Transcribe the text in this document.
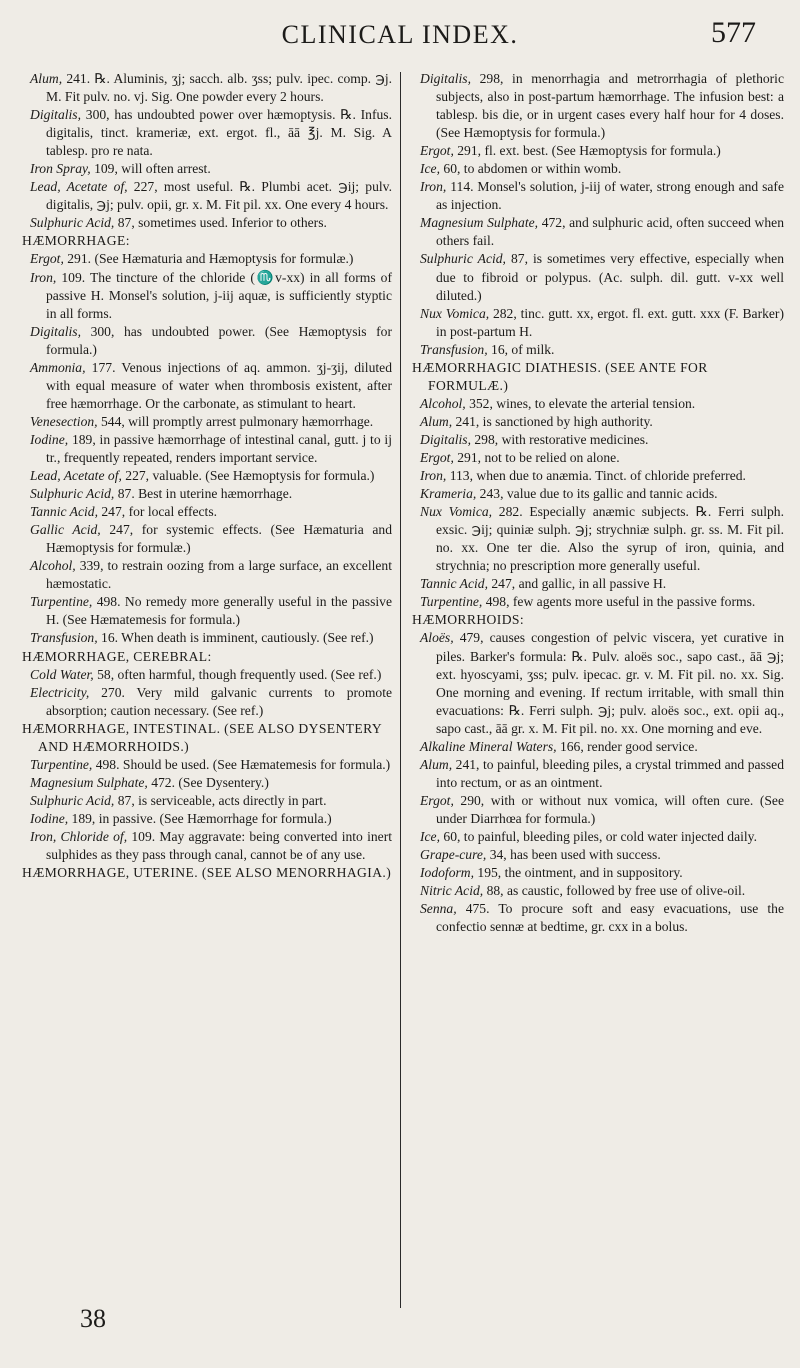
CLINICAL INDEX.	577

Alum, 241. ℞. Aluminis, ʒj; sacch. alb. ʒss; pulv. ipec. comp. ℈j. M. Fit pulv. no. vj. Sig. One powder every 2 hours.

Digitalis, 300, has undoubted power over hæmoptysis. ℞. Infus. digitalis, tinct. krameriæ, ext. ergot. fl., āā ℥j. M. Sig. A tablesp. pro re nata.

Iron Spray, 109, will often arrest.

Lead, Acetate of, 227, most useful. ℞. Plumbi acet. ℈ij; pulv. digitalis, ℈j; pulv. opii, gr. x. M. Fit pil. xx. One every 4 hours.

Sulphuric Acid, 87, sometimes used. Inferior to others.

HÆMORRHAGE:

Ergot, 291. (See Hæmaturia and Hæmoptysis for formulæ.)

Iron, 109. The tincture of the chloride (♏v-xx) in all forms of passive H. Monsel's solution, j-iij aquæ, is sufficiently styptic in all forms.

Digitalis, 300, has undoubted power. (See Hæmoptysis for formula.)

Ammonia, 177. Venous injections of aq. ammon. ʒj-ʒij, diluted with equal measure of water when thrombosis existent, after free hæmorrhage. Or the carbonate, as stimulant to heart.

Venesection, 544, will promptly arrest pulmonary hæmorrhage.

Iodine, 189, in passive hæmorrhage of intestinal canal, gutt. j to ij tr., frequently repeated, renders important service.

Lead, Acetate of, 227, valuable. (See Hæmoptysis for formula.)

Sulphuric Acid, 87. Best in uterine hæmorrhage.

Tannic Acid, 247, for local effects.

Gallic Acid, 247, for systemic effects. (See Hæmaturia and Hæmoptysis for formulæ.)

Alcohol, 339, to restrain oozing from a large surface, an excellent hæmostatic.

Turpentine, 498. No remedy more generally useful in the passive H. (See Hæmatemesis for formula.)

Transfusion, 16. When death is imminent, cautiously. (See ref.)

HÆMORRHAGE, CEREBRAL:

Cold Water, 58, often harmful, though frequently used. (See ref.)

Electricity, 270. Very mild galvanic currents to promote absorption; caution necessary. (See ref.)

HÆMORRHAGE, INTESTINAL. (SEE ALSO DYSENTERY AND HÆMORRHOIDS.)

Turpentine, 498. Should be used. (See Hæmatemesis for formula.)

Magnesium Sulphate, 472. (See Dysentery.)

Sulphuric Acid, 87, is serviceable, acts directly in part.

Iodine, 189, in passive. (See Hæmorrhage for formula.)

Iron, Chloride of, 109. May aggravate: being converted into inert sulphides as they pass through canal, cannot be of any use.

HÆMORRHAGE, UTERINE. (SEE ALSO MENORRHAGIA.)

Digitalis, 298, in menorrhagia and metrorrhagia of plethoric subjects, also in post-partum hæmorrhage. The infusion best: a tablesp. bis die, or in urgent cases every half hour for 4 doses. (See Hæmoptysis for formula.)

Ergot, 291, fl. ext. best. (See Hæmoptysis for formula.)

Ice, 60, to abdomen or within womb.

Iron, 114. Monsel's solution, j-iij of water, strong enough and safe as injection.

Magnesium Sulphate, 472, and sulphuric acid, often succeed when others fail.

Sulphuric Acid, 87, is sometimes very effective, especially when due to fibroid or polypus. (Ac. sulph. dil. gutt. v-xx well diluted.)

Nux Vomica, 282, tinc. gutt. xx, ergot. fl. ext. gutt. xxx (F. Barker) in post-partum H.

Transfusion, 16, of milk.

HÆMORRHAGIC DIATHESIS. (SEE ANTE FOR FORMULÆ.)

Alcohol, 352, wines, to elevate the arterial tension.

Alum, 241, is sanctioned by high authority.

Digitalis, 298, with restorative medicines.

Ergot, 291, not to be relied on alone.

Iron, 113, when due to anæmia. Tinct. of chloride preferred.

Krameria, 243, value due to its gallic and tannic acids.

Nux Vomica, 282. Especially anæmic subjects. ℞. Ferri sulph. exsic. ℈ij; quiniæ sulph. ℈j; strychniæ sulph. gr. ss. M. Fit pil. no. xx. One ter die. Also the syrup of iron, quinia, and strychnia; no prescription more generally useful.

Tannic Acid, 247, and gallic, in all passive H.

Turpentine, 498, few agents more useful in the passive forms.

HÆMORRHOIDS:

Aloës, 479, causes congestion of pelvic viscera, yet curative in piles. Barker's formula: ℞. Pulv. aloës soc., sapo cast., āā ℈j; ext. hyoscyami, ʒss; pulv. ipecac. gr. v. M. Fit pil. no. xx. Sig. One morning and evening. If rectum irritable, with small thin evacuations: ℞. Ferri sulph. ℈j; pulv. aloës soc., ext. opii aq., sapo cast., āā gr. x. M. Fit pil. no. xx. One morning and eve.

Alkaline Mineral Waters, 166, render good service.

Alum, 241, to painful, bleeding piles, a crystal trimmed and passed into rectum, or as an ointment.

Ergot, 290, with or without nux vomica, will often cure. (See under Diarrhœa for formula.)

Ice, 60, to painful, bleeding piles, or cold water injected daily.

Grape-cure, 34, has been used with success.

Iodoform, 195, the ointment, and in suppository.

Nitric Acid, 88, as caustic, followed by free use of olive-oil.

Senna, 475. To procure soft and easy evacuations, use the confectio sennæ at bedtime, gr. cxx in a bolus.

38
